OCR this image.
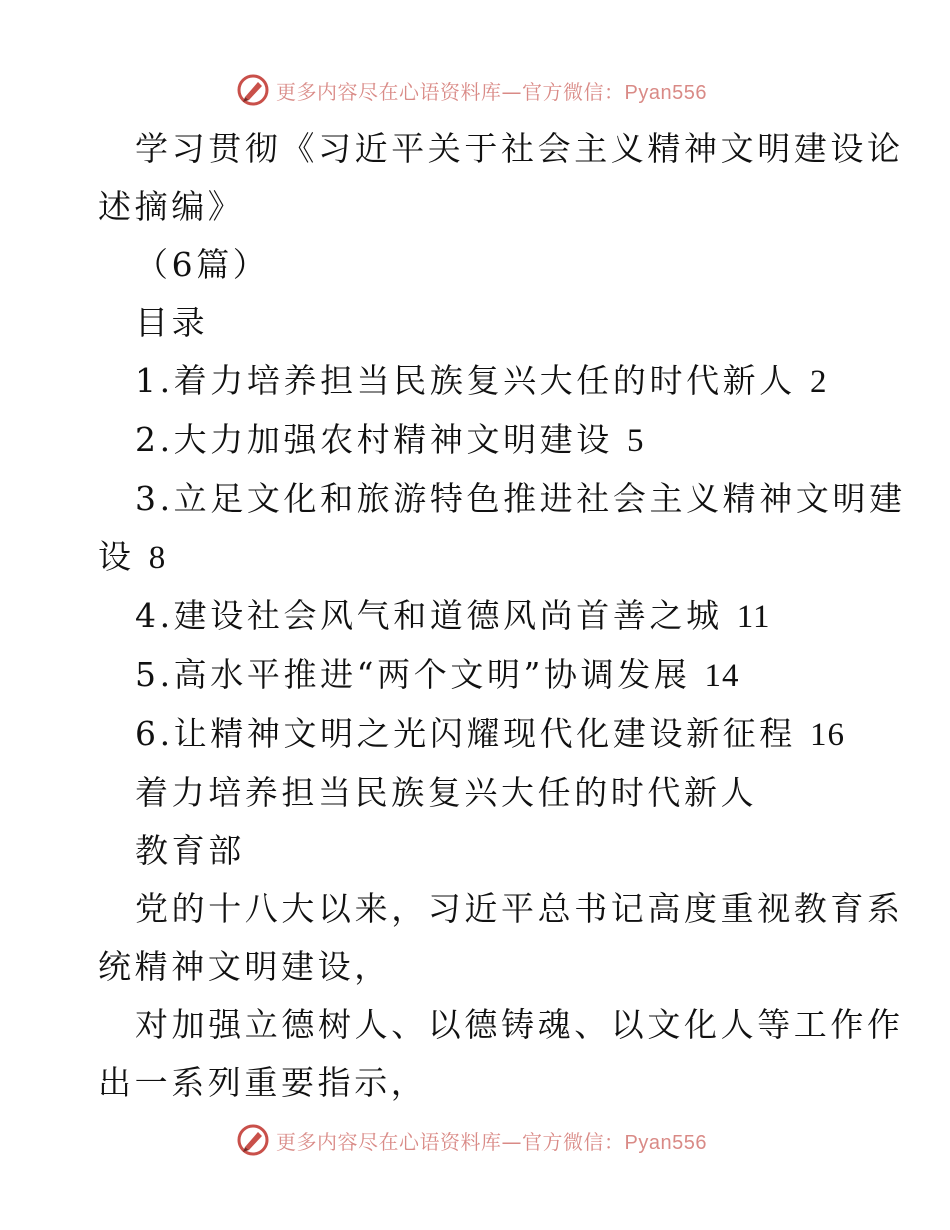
更多内容尽在心语资料库—官方微信：Pyan556

学习贯彻《习近平关于社会主义精神文明建设论

述摘编》

（6篇）

目录

1.着力培养担当民族复兴大任的时代新人 2

2.大力加强农村精神文明建设 5

3.立足文化和旅游特色推进社会主义精神文明建

设 8

4.建设社会风气和道德风尚首善之城 11

5.高水平推进“两个文明”协调发展 14

6.让精神文明之光闪耀现代化建设新征程 16

着力培养担当民族复兴大任的时代新人

教育部

党的十八大以来，习近平总书记高度重视教育系

统精神文明建设，

对加强立德树人、以德铸魂、以文化人等工作作

出一系列重要指示，

更多内容尽在心语资料库—官方微信：Pyan556
